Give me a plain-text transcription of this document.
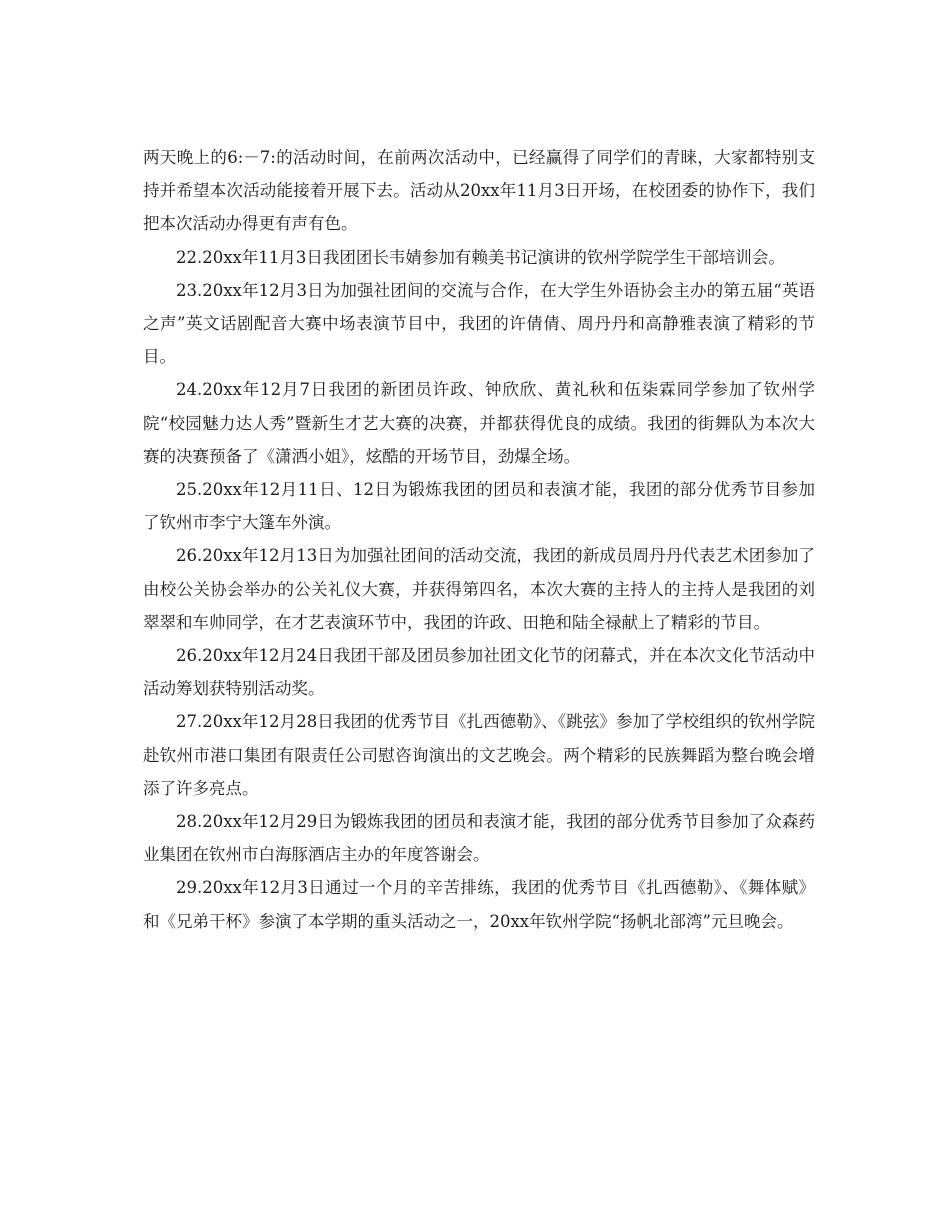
两天晚上的6:－7:的活动时间，在前两次活动中，已经赢得了同学们的青睐，大家都特别支持并希望本次活动能接着开展下去。活动从20xx年11月3日开场，在校团委的协作下，我们把本次活动办得更有声有色。

22.20xx年11月3日我团团长韦婧参加有赖美书记演讲的钦州学院学生干部培训会。

23.20xx年12月3日为加强社团间的交流与合作，在大学生外语协会主办的第五届“英语之声”英文话剧配音大赛中场表演节目中，我团的许倩倩、周丹丹和高静雅表演了精彩的节目。

24.20xx年12月7日我团的新团员许政、钟欣欣、黄礼秋和伍柒霖同学参加了钦州学院“校园魅力达人秀”暨新生才艺大赛的决赛，并都获得优良的成绩。我团的街舞队为本次大赛的决赛预备了《潇洒小姐》，炫酷的开场节目，劲爆全场。

25.20xx年12月11日、12日为锻炼我团的团员和表演才能，我团的部分优秀节目参加了钦州市李宁大篷车外演。

26.20xx年12月13日为加强社团间的活动交流，我团的新成员周丹丹代表艺术团参加了由校公关协会举办的公关礼仪大赛，并获得第四名，本次大赛的主持人的主持人是我团的刘翠翠和车帅同学，在才艺表演环节中，我团的许政、田艳和陆全禄献上了精彩的节目。

26.20xx年12月24日我团干部及团员参加社团文化节的闭幕式，并在本次文化节活动中活动筹划获特别活动奖。

27.20xx年12月28日我团的优秀节目《扎西德勒》、《跳弦》参加了学校组织的钦州学院赴钦州市港口集团有限责任公司慰咨询演出的文艺晚会。两个精彩的民族舞蹈为整台晚会增添了许多亮点。

28.20xx年12月29日为锻炼我团的团员和表演才能，我团的部分优秀节目参加了众森药业集团在钦州市白海豚酒店主办的年度答谢会。

29.20xx年12月3日通过一个月的辛苦排练，我团的优秀节目《扎西德勒》、《舞体赋》和《兄弟干杯》参演了本学期的重头活动之一，20xx年钦州学院“扬帆北部湾”元旦晚会。
